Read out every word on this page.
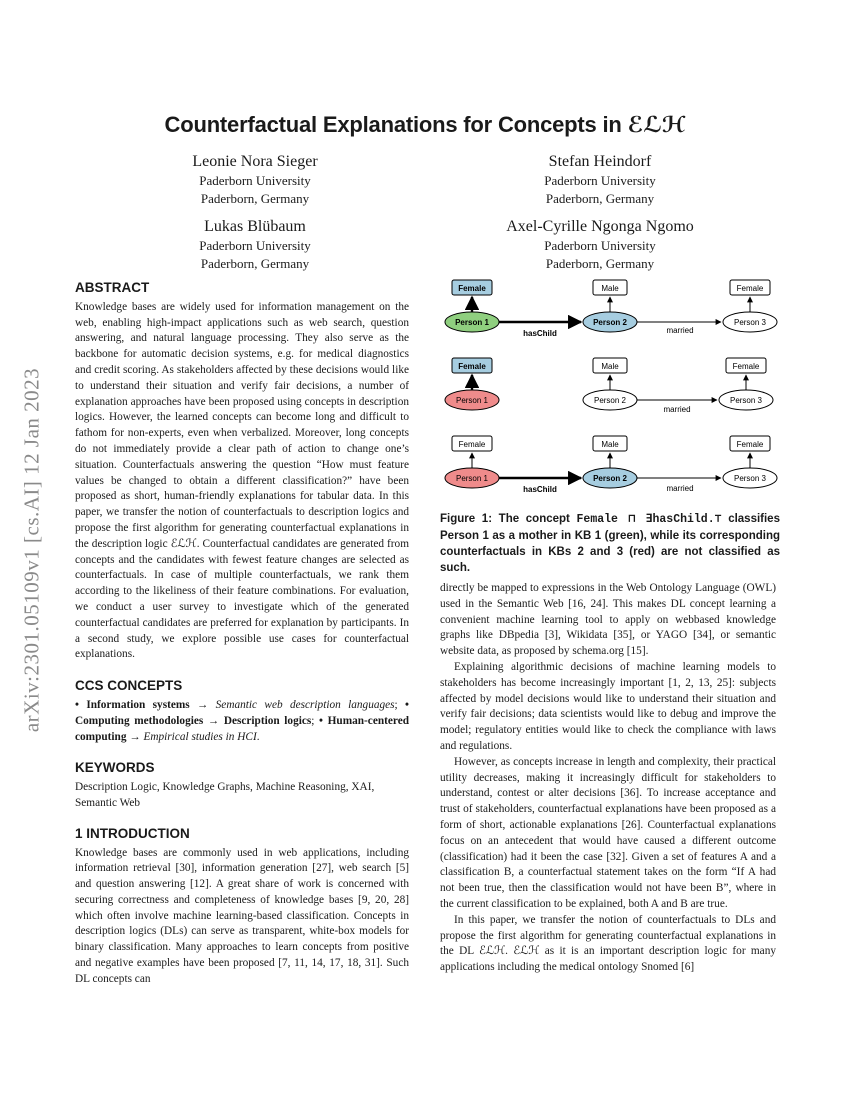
arXiv:2301.05109v1 [cs.AI] 12 Jan 2023
Counterfactual Explanations for Concepts in ℰℒℋ
Leonie Nora Sieger
Paderborn University
Paderborn, Germany
Stefan Heindorf
Paderborn University
Paderborn, Germany
Lukas Blübaum
Paderborn University
Paderborn, Germany
Axel-Cyrille Ngonga Ngomo
Paderborn University
Paderborn, Germany
ABSTRACT

Knowledge bases are widely used for information management on the web, enabling high-impact applications such as web search, question answering, and natural language processing. They also serve as the backbone for automatic decision systems, e.g. for medical diagnostics and credit scoring. As stakeholders affected by these decisions would like to understand their situation and verify fair decisions, a number of explanation approaches have been proposed using concepts in description logics. However, the learned concepts can become long and difficult to fathom for non-experts, even when verbalized. Moreover, long concepts do not immediately provide a clear path of action to change one’s situation. Counterfactuals answering the question “How must feature values be changed to obtain a different classification?” have been proposed as short, human-friendly explanations for tabular data. In this paper, we transfer the notion of counterfactuals to description logics and propose the first algorithm for generating counterfactual explanations in the description logic ℰℒℋ. Counterfactual candidates are generated from concepts and the candidates with fewest feature changes are selected as counterfactuals. In case of multiple counterfactuals, we rank them according to the likeliness of their feature combinations. For evaluation, we conduct a user survey to investigate which of the generated counterfactual candidates are preferred for explanation by participants. In a second study, we explore possible use cases for counterfactual explanations.

CCS CONCEPTS

• Information systems → Semantic web description languages; • Computing methodologies → Description logics; • Human-centered computing → Empirical studies in HCI.

KEYWORDS

Description Logic, Knowledge Graphs, Machine Reasoning, XAI, Semantic Web

1 INTRODUCTION

Knowledge bases are commonly used in web applications, including information retrieval [30], information generation [27], web search [5] and question answering [12]. A great share of work is concerned with securing correctness and completeness of knowledge bases [9, 20, 28] which often involve machine learning-based classification. Concepts in description logics (DLs) can serve as transparent, white-box models for binary classification. Many approaches to learn concepts from positive and negative examples have been proposed [7, 11, 14, 17, 18, 31]. Such DL concepts can

Female	Male	Female
Person 1	Person 2	Person 3
hasChild	married
Female	Male	Female
Person 1	Person 2	Person 3
married
Female	Male	Female
Person 1	Person 2	Person 3
hasChild	married
Figure 1: The concept Female ⊓ ∃hasChild.⊤ classifies Person 1 as a mother in KB 1 (green), while its corresponding counterfactuals in KBs 2 and 3 (red) are not classified as such.

directly be mapped to expressions in the Web Ontology Language (OWL) used in the Semantic Web [16, 24]. This makes DL concept learning a convenient machine learning tool to apply on webbased knowledge graphs like DBpedia [3], Wikidata [35], or YAGO [34], or semantic website data, as proposed by schema.org [15].

Explaining algorithmic decisions of machine learning models to stakeholders has become increasingly important [1, 2, 13, 25]: subjects affected by model decisions would like to understand their situation and verify fair decisions; data scientists would like to debug and improve the model; regulatory entities would like to check the compliance with laws and regulations.

However, as concepts increase in length and complexity, their practical utility decreases, making it increasingly difficult for stakeholders to understand, contest or alter decisions [36]. To increase acceptance and trust of stakeholders, counterfactual explanations have been proposed as a form of short, actionable explanations [26]. Counterfactual explanations focus on an antecedent that would have caused a different outcome (classification) had it been the case [32]. Given a set of features A and a classification B, a counterfactual statement takes on the form “If A had not been true, then the classification would not have been B”, where in the current classification to be explained, both A and B are true.

In this paper, we transfer the notion of counterfactuals to DLs and propose the first algorithm for generating counterfactual explanations in the DL ℰℒℋ. ℰℒℋ as it is an important description logic for many applications including the medical ontology Snomed [6]
